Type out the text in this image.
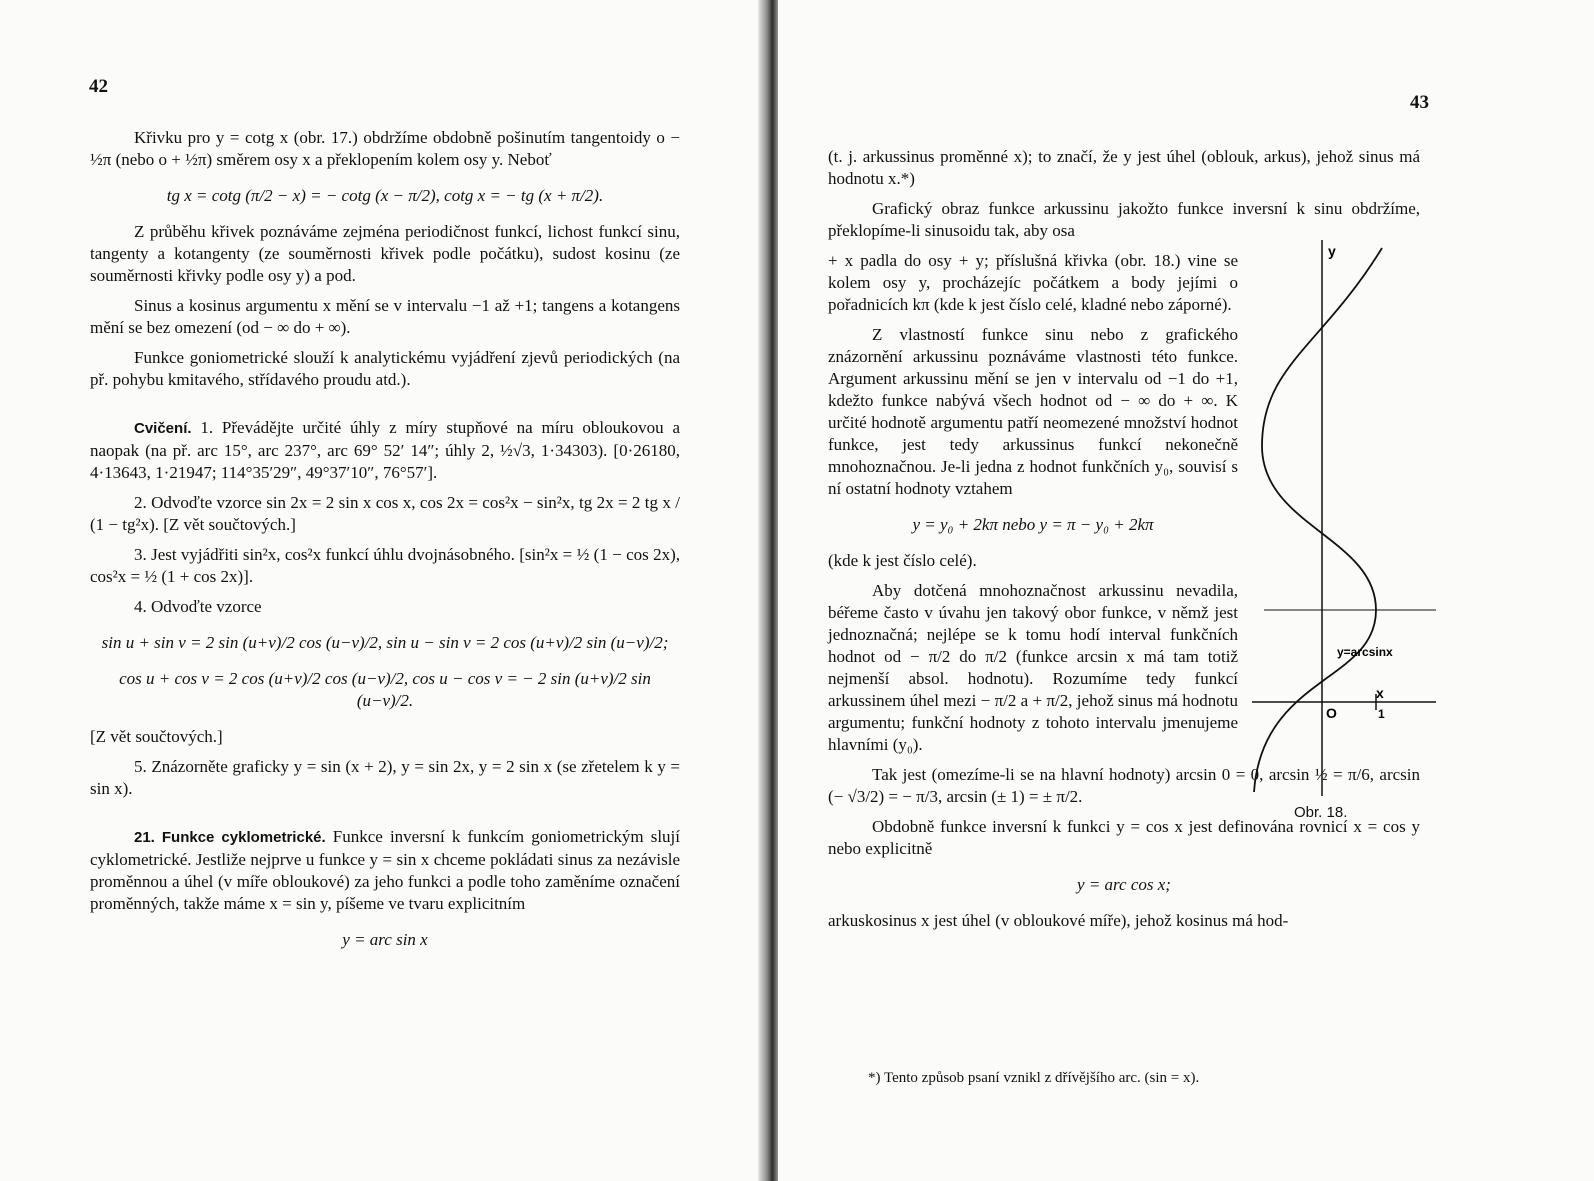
42

Křivku pro y = cotg x (obr. 17.) obdržíme obdobně pošinutím tangentoidy o − ½π (nebo o + ½π) směrem osy x a překlopením kolem osy y. Neboť

tg x = cotg (π/2 − x) = − cotg (x − π/2), cotg x = − tg (x + π/2).

Z průběhu křivek poznáváme zejména periodičnost funkcí, lichost funkcí sinu, tangenty a kotangenty (ze souměrnosti křivek podle počátku), sudost kosinu (ze souměrnosti křivky podle osy y) a pod.

Sinus a kosinus argumentu x mění se v intervalu −1 až +1; tangens a kotangens mění se bez omezení (od − ∞ do + ∞).

Funkce goniometrické slouží k analytickému vyjádření zjevů periodických (na př. pohybu kmitavého, střídavého proudu atd.).

Cvičení. 1. Převádějte určité úhly z míry stupňové na míru obloukovou a naopak (na př. arc 15°, arc 237°, arc 69° 52′ 14″; úhly 2, ½√3, 1·34303). [0·26180, 4·13643, 1·21947; 114°35′29″, 49°37′10″, 76°57′].

2. Odvoďte vzorce sin 2x = 2 sin x cos x, cos 2x = cos²x − sin²x, tg 2x = 2 tg x / (1 − tg²x). [Z vět součtových.]

3. Jest vyjádřiti sin²x, cos²x funkcí úhlu dvojnásobného. [sin²x = ½ (1 − cos 2x), cos²x = ½ (1 + cos 2x)].

4. Odvoďte vzorce

sin u + sin v = 2 sin (u+v)/2 cos (u−v)/2, sin u − sin v = 2 cos (u+v)/2 sin (u−v)/2;

cos u + cos v = 2 cos (u+v)/2 cos (u−v)/2, cos u − cos v = − 2 sin (u+v)/2 sin (u−v)/2.

[Z vět součtových.]

5. Znázorněte graficky y = sin (x + 2), y = sin 2x, y = 2 sin x (se zřetelem k y = sin x).

21. Funkce cyklometrické. Funkce inversní k funkcím goniometrickým slují cyklometrické. Jestliže nejprve u funkce y = sin x chceme pokládati sinus za nezávisle proměnnou a úhel (v míře obloukové) za jeho funkci a podle toho zaměníme označení proměnných, takže máme x = sin y, píšeme ve tvaru explicitním

y = arc sin x

43

(t. j. arkussinus proměnné x); to značí, že y jest úhel (oblouk, arkus), jehož sinus má hodnotu x.*)

Grafický obraz funkce arkussinu jakožto funkce inversní k sinu obdržíme, překlopíme-li sinusoidu tak, aby osa

+ x padla do osy + y; příslušná křivka (obr. 18.) vine se kolem osy y, procházejíc počátkem a body jejími o pořadnicích kπ (kde k jest číslo celé, kladné nebo záporné).

Z vlastností funkce sinu nebo z grafického znázornění arkussinu poznáváme vlastnosti této funkce. Argument arkussinu mění se jen v intervalu od −1 do +1, kdežto funkce nabývá všech hodnot od − ∞ do + ∞. K určité hodnotě argumentu patří neomezené množství hodnot funkce, jest tedy arkussinus funkcí nekonečně mnohoznačnou. Je-li jedna z hodnot funkčních y₀, souvisí s ní ostatní hodnoty vztahem

y = y₀ + 2kπ nebo y = π − y₀ + 2kπ

(kde k jest číslo celé).

Aby dotčená mnohoznačnost arkussinu nevadila, béřeme často v úvahu jen takový obor funkce, v němž jest jednoznačná; nejlépe se k tomu hodí interval funkčních hodnot od − π/2 do π/2 (funkce arcsin x má tam totiž nejmenší absol. hodnotu). Rozumíme tedy funkcí arkussinem úhel mezi − π/2 a + π/2, jehož sinus má hodnotu argumentu; funkční hodnoty z tohoto intervalu jmenujeme hlavními (y₀).

Tak jest (omezíme-li se na hlavní hodnoty) arcsin 0 = 0, arcsin ½ = π/6, arcsin (− √3/2) = − π/3, arcsin (± 1) = ± π/2.

Obdobně funkce inversní k funkci y = cos x jest definována rovnicí x = cos y nebo explicitně

y = arc cos x;

arkuskosinus x jest úhel (v obloukové míře), jehož kosinus má hod-

y
x
O	1
y=arcsinx
Obr. 18.
*) Tento způsob psaní vznikl z dřívějšího arc. (sin = x).
